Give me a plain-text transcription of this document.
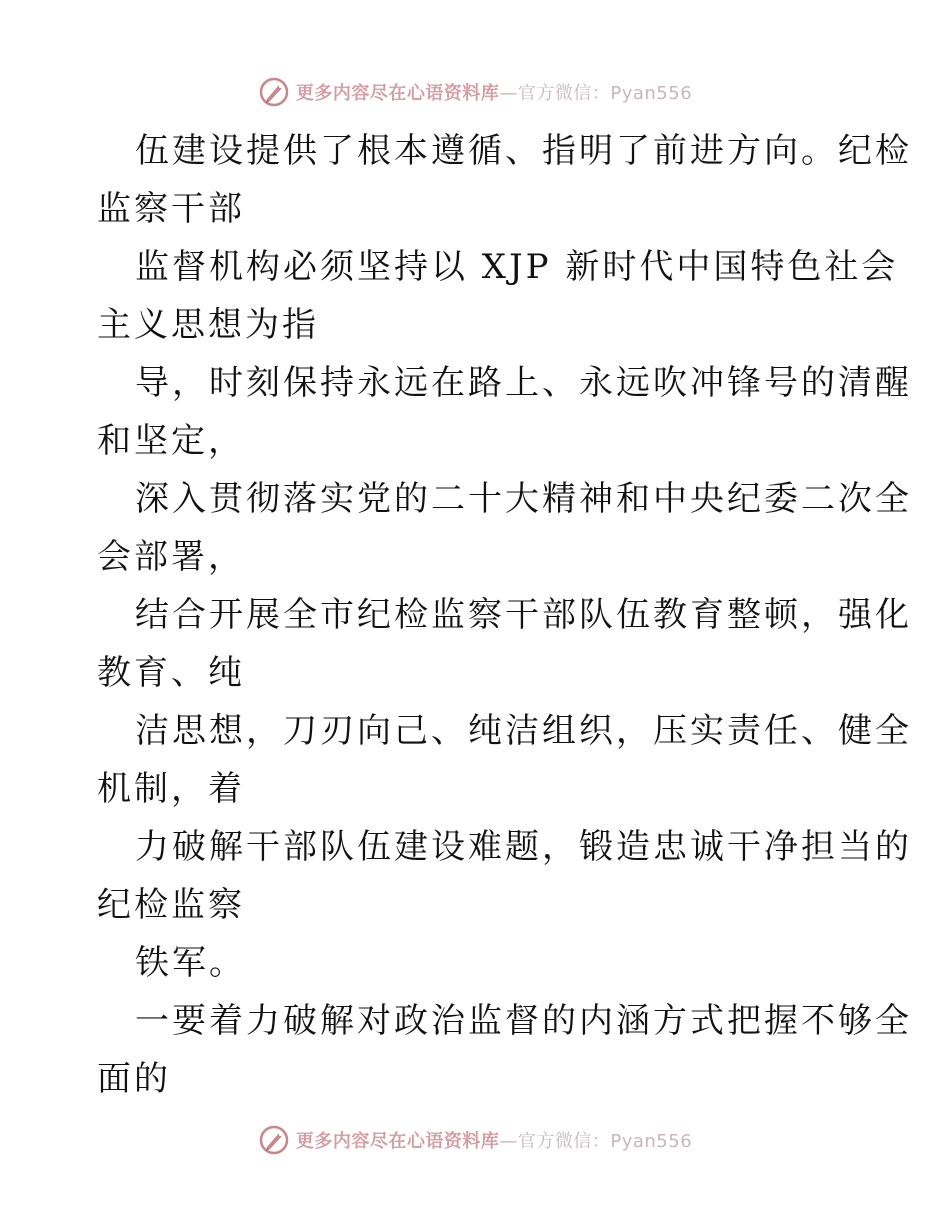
更多内容尽在心语资料库—官方微信：Pyan556
伍建设提供了根本遵循、指明了前进方向。纪检
监察干部
监督机构必须坚持以 XJP 新时代中国特色社会
主义思想为指
导，时刻保持永远在路上、永远吹冲锋号的清醒
和坚定，
深入贯彻落实党的二十大精神和中央纪委二次全
会部署，
结合开展全市纪检监察干部队伍教育整顿，强化
教育、纯
洁思想，刀刃向己、纯洁组织，压实责任、健全
机制，着
力破解干部队伍建设难题，锻造忠诚干净担当的
纪检监察
铁军。
一要着力破解对政治监督的内涵方式把握不够全
面的
更多内容尽在心语资料库—官方微信：Pyan556
